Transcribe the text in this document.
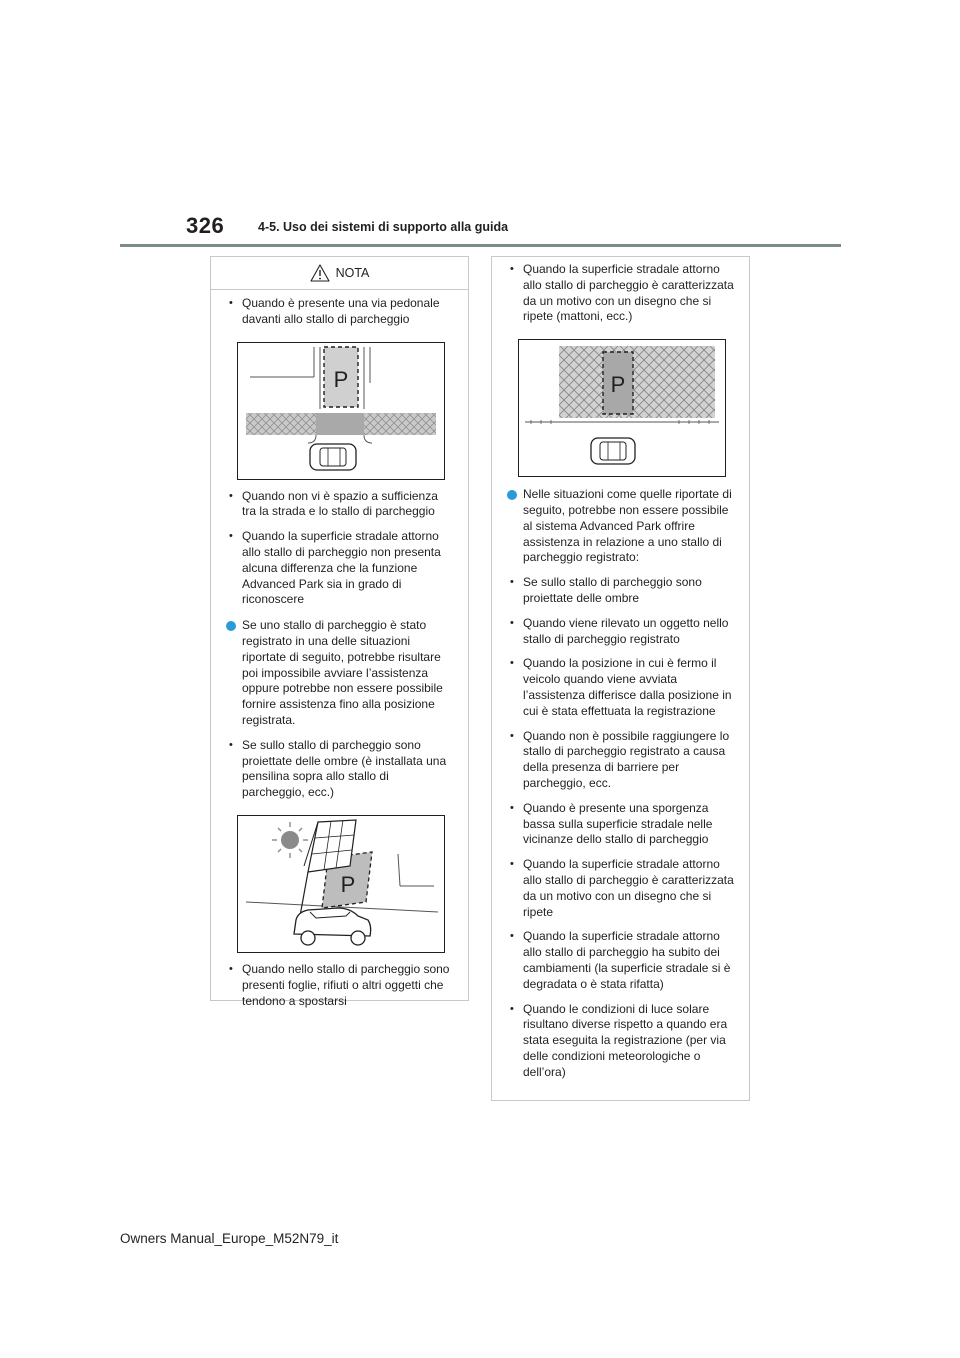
326	4-5. Uso dei sistemi di supporto alla guida
NOTA
• Quando è presente una via pedonale davanti allo stallo di parcheggio
P
• Quando non vi è spazio a sufficienza tra la strada e lo stallo di parcheggio
• Quando la superficie stradale attorno allo stallo di parcheggio non presenta alcuna differenza che la funzione Advanced Park sia in grado di riconoscere
Se uno stallo di parcheggio è stato registrato in una delle situazioni riportate di seguito, potrebbe risultare poi impossibile avviare l’assistenza oppure potrebbe non essere possibile fornire assistenza fino alla posizione registrata.
• Se sullo stallo di parcheggio sono proiettate delle ombre (è installata una pensilina sopra allo stallo di parcheggio, ecc.)
P
• Quando nello stallo di parcheggio sono presenti foglie, rifiuti o altri oggetti che tendono a spostarsi
• Quando la superficie stradale attorno allo stallo di parcheggio è caratterizzata da un motivo con un disegno che si ripete (mattoni, ecc.)
P
Nelle situazioni come quelle riportate di seguito, potrebbe non essere possibile al sistema Advanced Park offrire assistenza in relazione a uno stallo di parcheggio registrato:
• Se sullo stallo di parcheggio sono proiettate delle ombre
• Quando viene rilevato un oggetto nello stallo di parcheggio registrato
• Quando la posizione in cui è fermo il veicolo quando viene avviata l’assistenza differisce dalla posizione in cui è stata effettuata la registrazione
• Quando non è possibile raggiungere lo stallo di parcheggio registrato a causa della presenza di barriere per parcheggio, ecc.
• Quando è presente una sporgenza bassa sulla superficie stradale nelle vicinanze dello stallo di parcheggio
• Quando la superficie stradale attorno allo stallo di parcheggio è caratterizzata da un motivo con un disegno che si ripete
• Quando la superficie stradale attorno allo stallo di parcheggio ha subito dei cambiamenti (la superficie stradale si è degradata o è stata rifatta)
• Quando le condizioni di luce solare risultano diverse rispetto a quando era stata eseguita la registrazione (per via delle condizioni meteorologiche o dell’ora)
Owners Manual_Europe_M52N79_it
